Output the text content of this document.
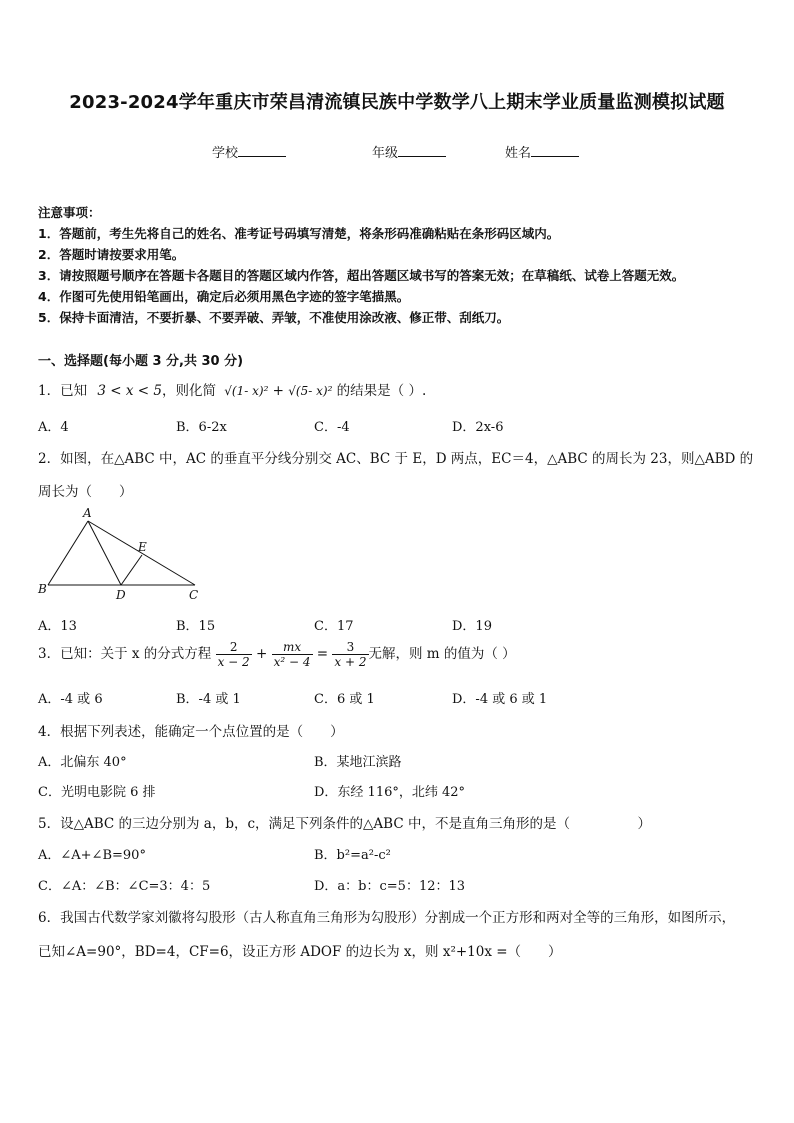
2023-2024学年重庆市荣昌清流镇民族中学数学八上期末学业质量监测模拟试题
学校	年级	姓名
注意事项：
1．答题前，考生先将自己的姓名、准考证号码填写清楚，将条形码准确粘贴在条形码区域内。
2．答题时请按要求用笔。
3．请按照题号顺序在答题卡各题目的答题区域内作答，超出答题区域书写的答案无效；在草稿纸、试卷上答题无效。
4．作图可先使用铅笔画出，确定后必须用黑色字迹的签字笔描黑。
5．保持卡面清洁，不要折暴、不要弄破、弄皱，不准使用涂改液、修正带、刮纸刀。
一、选择题(每小题 3 分,共 30 分)
1．已知 3 < x < 5，则化简 √(1- x)² + √(5- x)² 的结果是（ ）.
A．4	B．6-2x	C．-4	D．2x-6
2．如图，在△ABC 中，AC 的垂直平分线分别交 AC、BC 于 E，D 两点，EC＝4，△ABC 的周长为 23，则△ABD 的
周长为（　　）
A
B	C
D
E
A．13	B．15	C．17	D．19
3．已知：关于 x 的分式方程 $\frac{2}{x - 2} + \frac{mx}{\text{x² − 4}} = \frac{3}{x + 2}$ 无解，则 m 的值为（ ）
A．-4 或 6	B．-4 或 1	C．6 或 1	D．-4 或 6 或 1
4．根据下列表述，能确定一个点位置的是（　　）
A．北偏东 40°	B．某地江滨路
C．光明电影院 6 排	D．东经 116°，北纬 42°
5．设△ABC 的三边分别为 a，b，c，满足下列条件的△ABC 中，不是直角三角形的是（　　　　　）
A．∠A+∠B=90°	B．b²=a²-c²
C．∠A：∠B：∠C=3：4：5	D．a：b：c=5：12：13
6．我国古代数学家刘徽将勾股形（古人称直角三角形为勾股形）分割成一个正方形和两对全等的三角形，如图所示，
已知∠A=90°，BD=4，CF=6，设正方形 ADOF 的边长为 x，则 x²+10x =（　　）
